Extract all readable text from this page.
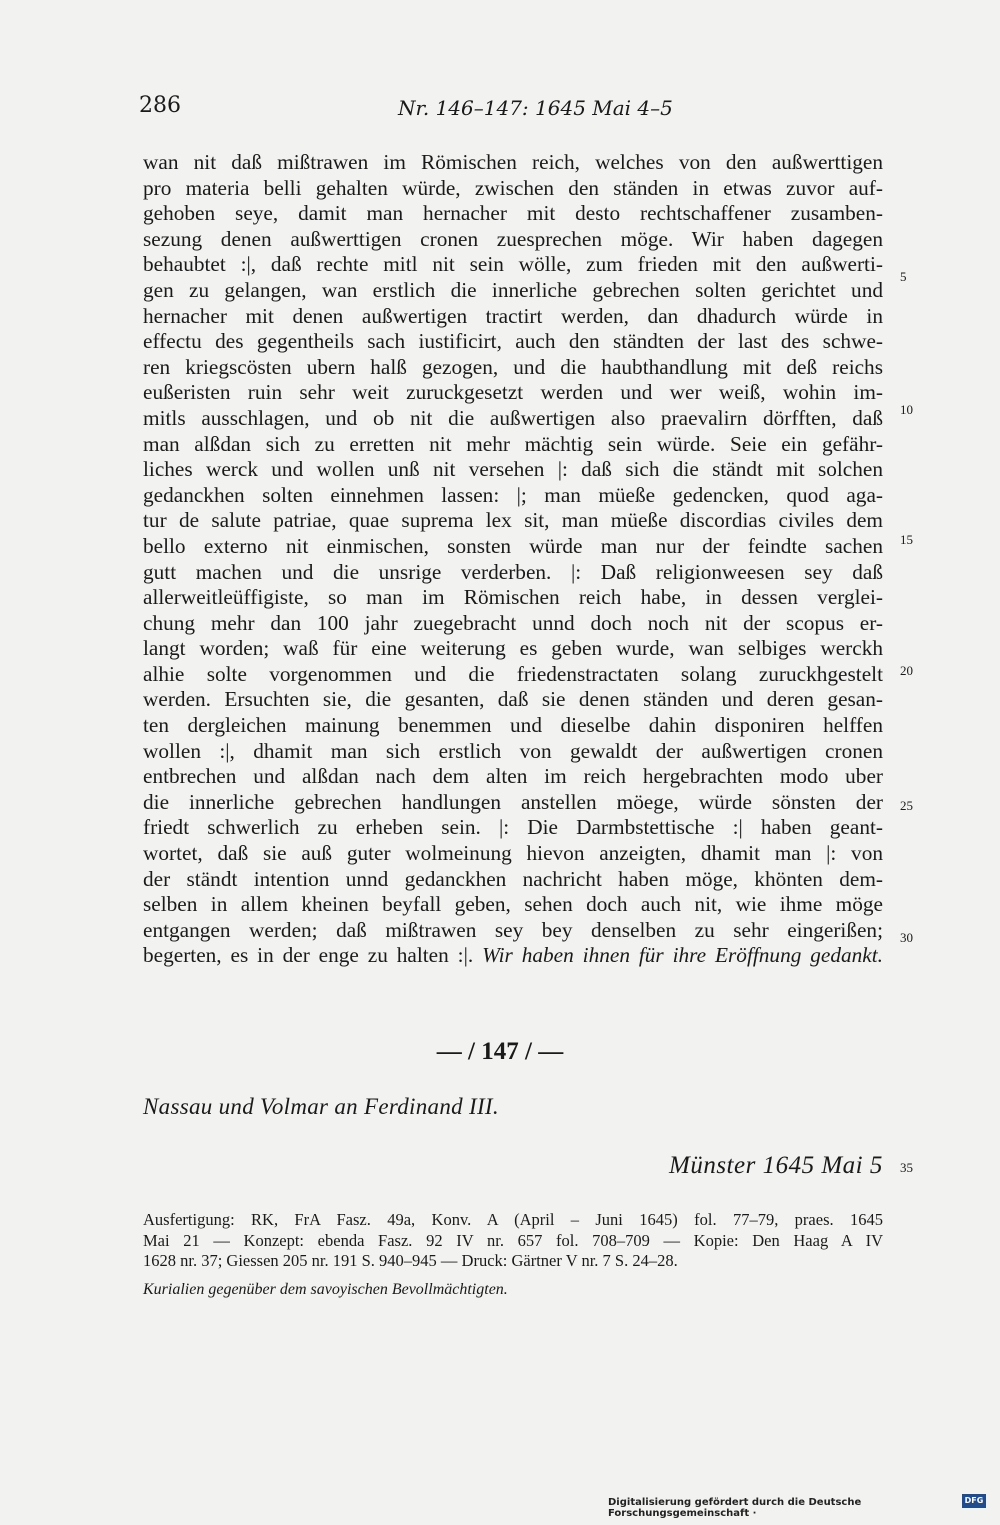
286	Nr. 146–147: 1645 Mai 4–5
wan nit daß mißtrawen im Römischen reich, welches von den außwerttigen
pro materia belli gehalten würde, zwischen den ständen in etwas zuvor auf-
gehoben seye, damit man hernacher mit desto rechtschaffener zusamben-
sezung denen außwerttigen cronen zuesprechen möge. Wir haben dagegen
behaubtet :|, daß rechte mitl nit sein wölle, zum frieden mit den außwerti-
gen zu gelangen, wan erstlich die innerliche gebrechen solten gerichtet und
hernacher mit denen außwertigen tractirt werden, dan dhadurch würde in
effectu des gegentheils sach iustificirt, auch den ständten der last des schwe-
ren kriegscösten ubern halß gezogen, und die haubthandlung mit deß reichs
eußeristen ruin sehr weit zuruckgesetzt werden und wer weiß, wohin im-
mitls ausschlagen, und ob nit die außwertigen also praevalirn dörfften, daß
man alßdan sich zu erretten nit mehr mächtig sein würde. Seie ein gefähr-
liches werck und wollen unß nit versehen |: daß sich die ständt mit solchen
gedanckhen solten einnehmen lassen: |; man müeße gedencken, quod aga-
tur de salute patriae, quae suprema lex sit, man müeße discordias civiles dem
bello externo nit einmischen, sonsten würde man nur der feindte sachen
gutt machen und die unsrige verderben. |: Daß religionweesen sey daß
allerweitleüffigiste, so man im Römischen reich habe, in dessen verglei-
chung mehr dan 100 jahr zuegebracht unnd doch noch nit der scopus er-
langt worden; waß für eine weiterung es geben wurde, wan selbiges werckh
alhie solte vorgenommen und die friedenstractaten solang zuruckhgestelt
werden. Ersuchten sie, die gesanten, daß sie denen ständen und deren gesan-
ten dergleichen mainung benemmen und dieselbe dahin disponiren helffen
wollen :|, dhamit man sich erstlich von gewaldt der außwertigen cronen
entbrechen und alßdan nach dem alten im reich hergebrachten modo uber
die innerliche gebrechen handlungen anstellen möege, würde sönsten der
friedt schwerlich zu erheben sein. |: Die Darmbstettische :| haben geant-
wortet, daß sie auß guter wolmeinung hievon anzeigten, dhamit man |: von
der ständt intention unnd gedanckhen nachricht haben möge, khönten dem-
selben in allem kheinen beyfall geben, sehen doch auch nit, wie ihme möge
entgangen werden; daß mißtrawen sey bey denselben zu sehr eingerißen;
begerten, es in der enge zu halten :|. Wir haben ihnen für ihre Eröffnung gedankt.
5
10
15
20
25
30
35
— / 147 / —
Nassau und Volmar an Ferdinand III.
Münster 1645 Mai 5
Ausfertigung: RK, FrA Fasz. 49a, Konv. A (April – Juni 1645) fol. 77–79, praes. 1645
Mai 21 — Konzept: ebenda Fasz. 92 IV nr. 657 fol. 708–709 — Kopie: Den Haag A IV
1628 nr. 37; Giessen 205 nr. 191 S. 940–945 — Druck: Gärtner V nr. 7 S. 24–28.
Kurialien gegenüber dem savoyischen Bevollmächtigten.
Digitalisierung gefördert durch die Deutsche Forschungsgemeinschaft ·
DFG
